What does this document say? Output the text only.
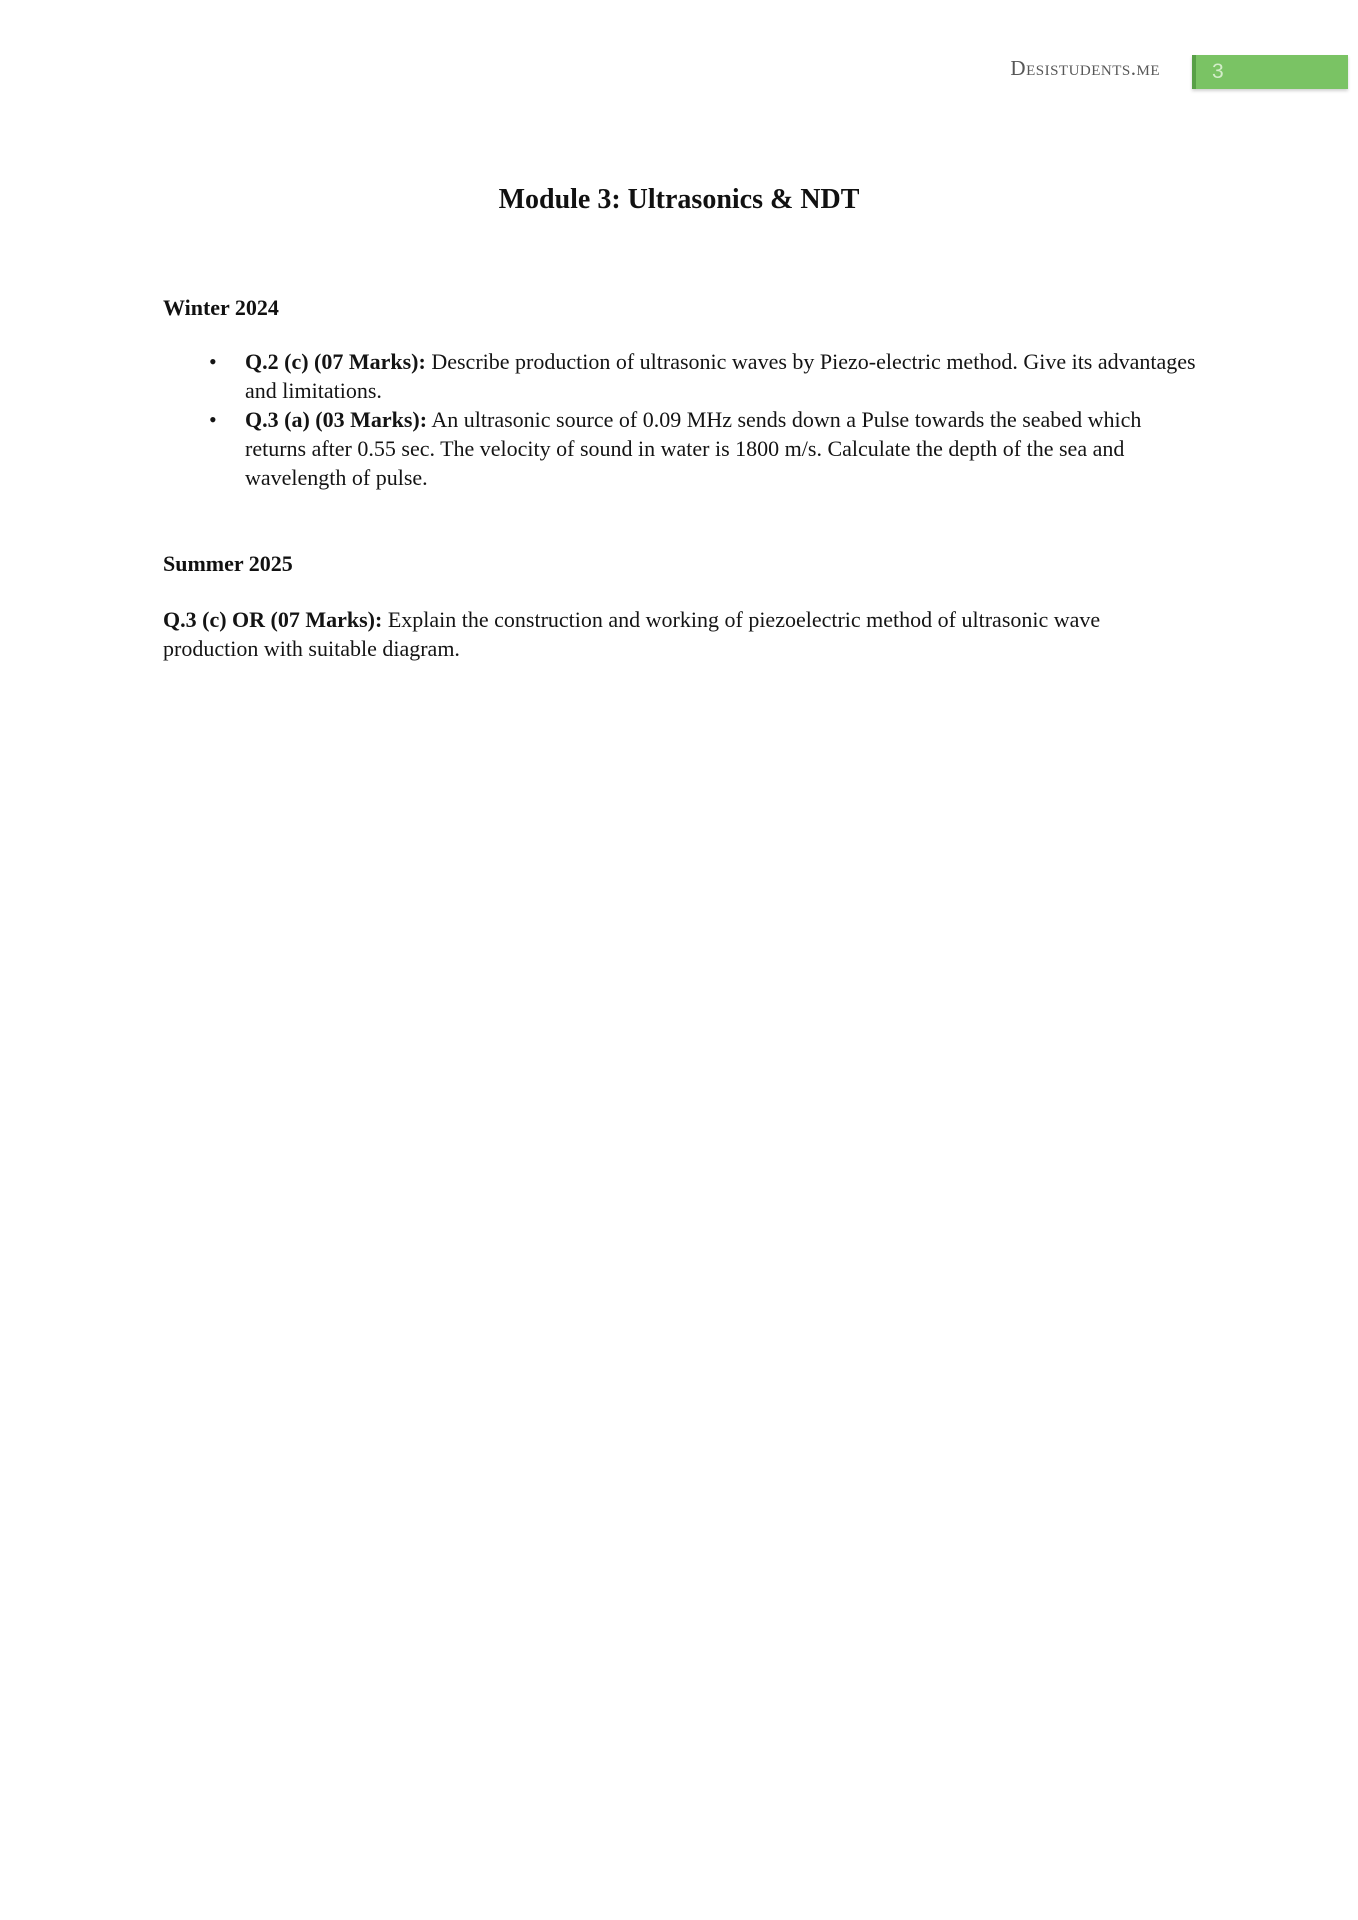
Desistudents.me	3
Module 3: Ultrasonics & NDT
Winter 2024
• Q.2 (c) (07 Marks): Describe production of ultrasonic waves by Piezo-electric method. Give its advantages and limitations.
• Q.3 (a) (03 Marks): An ultrasonic source of 0.09 MHz sends down a Pulse towards the seabed which returns after 0.55 sec. The velocity of sound in water is 1800 m/s. Calculate the depth of the sea and wavelength of pulse.
Summer 2025

Q.3 (c) OR (07 Marks): Explain the construction and working of piezoelectric method of ultrasonic wave production with suitable diagram.
